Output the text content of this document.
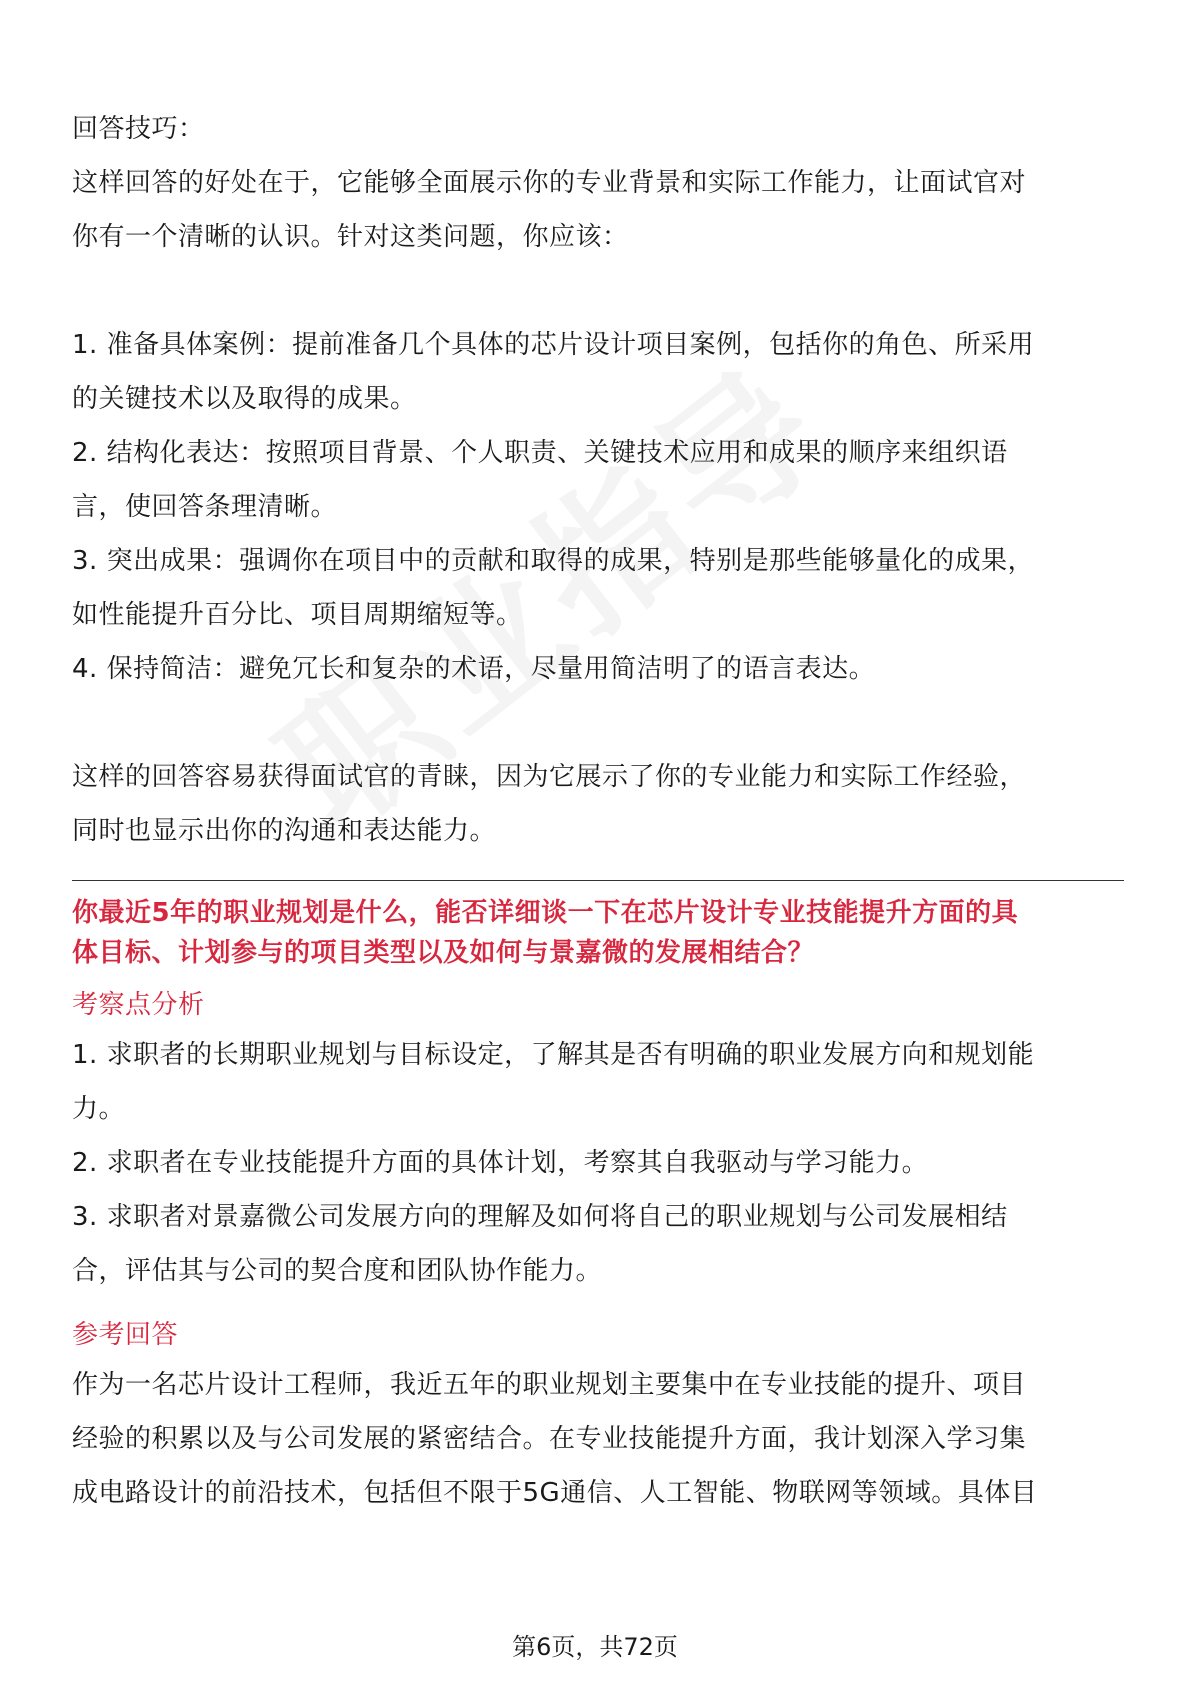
回答技巧：
这样回答的好处在于，它能够全面展示你的专业背景和实际工作能力，让面试官对
你有一个清晰的认识。针对这类问题，你应该：
1. 准备具体案例：提前准备几个具体的芯片设计项目案例，包括你的角色、所采用
的关键技术以及取得的成果。
2. 结构化表达：按照项目背景、个人职责、关键技术应用和成果的顺序来组织语
言，使回答条理清晰。
3. 突出成果：强调你在项目中的贡献和取得的成果，特别是那些能够量化的成果，
如性能提升百分比、项目周期缩短等。
4. 保持简洁：避免冗长和复杂的术语，尽量用简洁明了的语言表达。
这样的回答容易获得面试官的青睐，因为它展示了你的专业能力和实际工作经验，
同时也显示出你的沟通和表达能力。
你最近5年的职业规划是什么，能否详细谈一下在芯片设计专业技能提升方面的具
体目标、计划参与的项目类型以及如何与景嘉微的发展相结合？
考察点分析
1. 求职者的长期职业规划与目标设定，了解其是否有明确的职业发展方向和规划能
力。
2. 求职者在专业技能提升方面的具体计划，考察其自我驱动与学习能力。
3. 求职者对景嘉微公司发展方向的理解及如何将自己的职业规划与公司发展相结
合，评估其与公司的契合度和团队协作能力。
参考回答
作为一名芯片设计工程师，我近五年的职业规划主要集中在专业技能的提升、项目
经验的积累以及与公司发展的紧密结合。在专业技能提升方面，我计划深入学习集
成电路设计的前沿技术，包括但不限于5G通信、人工智能、物联网等领域。具体目
第6页，共72页
